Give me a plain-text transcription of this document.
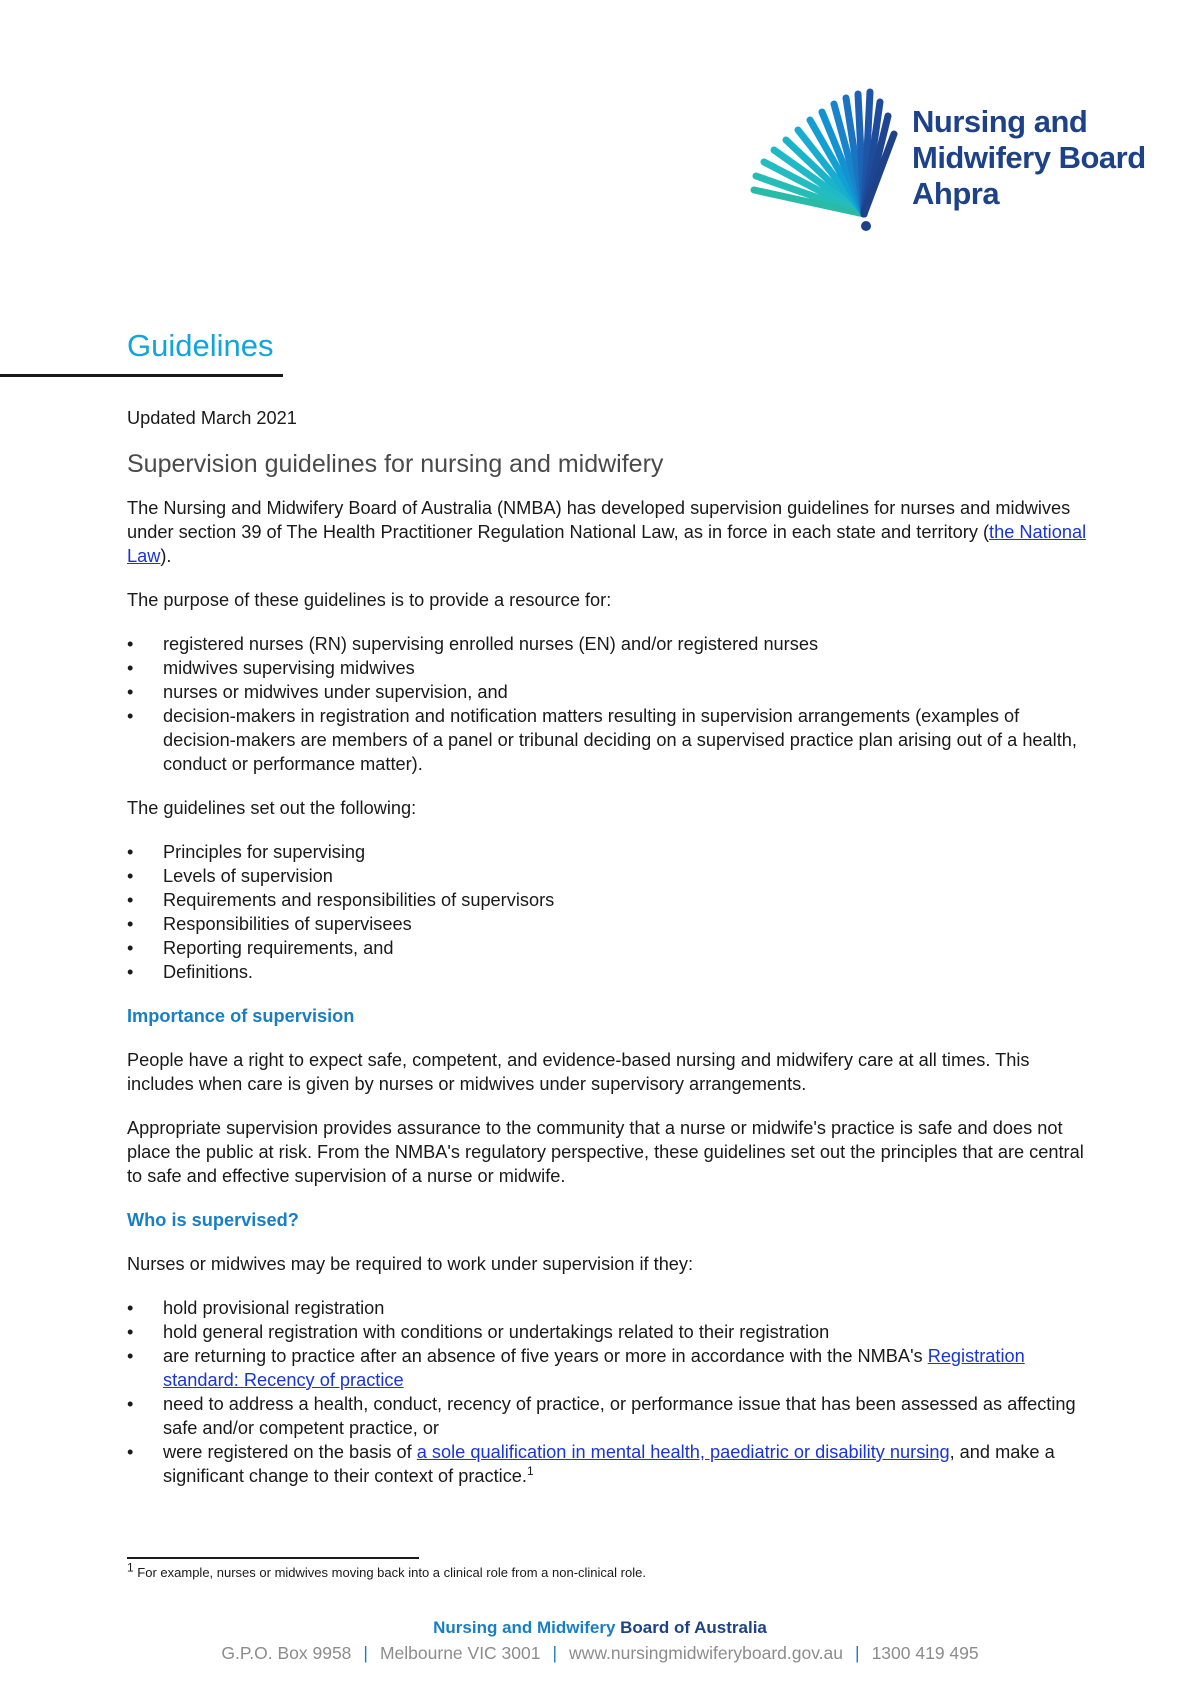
Nursing and
Midwifery Board
Ahpra
Guidelines

Updated March 2021

Supervision guidelines for nursing and midwifery

The Nursing and Midwifery Board of Australia (NMBA) has developed supervision guidelines for nurses and midwives under section 39 of The Health Practitioner Regulation National Law, as in force in each state and territory (the National Law).

The purpose of these guidelines is to provide a resource for:

• registered nurses (RN) supervising enrolled nurses (EN) and/or registered nurses
• midwives supervising midwives
• nurses or midwives under supervision, and
• decision-makers in registration and notification matters resulting in supervision arrangements (examples of decision-makers are members of a panel or tribunal deciding on a supervised practice plan arising out of a health, conduct or performance matter).

The guidelines set out the following:

• Principles for supervising
• Levels of supervision
• Requirements and responsibilities of supervisors
• Responsibilities of supervisees
• Reporting requirements, and
• Definitions.

Importance of supervision

People have a right to expect safe, competent, and evidence-based nursing and midwifery care at all times. This includes when care is given by nurses or midwives under supervisory arrangements.

Appropriate supervision provides assurance to the community that a nurse or midwife's practice is safe and does not place the public at risk. From the NMBA's regulatory perspective, these guidelines set out the principles that are central to safe and effective supervision of a nurse or midwife.

Who is supervised?

Nurses or midwives may be required to work under supervision if they:

• hold provisional registration
• hold general registration with conditions or undertakings related to their registration
• are returning to practice after an absence of five years or more in accordance with the NMBA's Registration standard: Recency of practice
• need to address a health, conduct, recency of practice, or performance issue that has been assessed as affecting safe and/or competent practice, or
• were registered on the basis of a sole qualification in mental health, paediatric or disability nursing, and make a significant change to their context of practice.$^1$
$^1$ For example, nurses or midwives moving back into a clinical role from a non-clinical role.
Nursing and Midwifery Board of Australia
G.P.O. Box 9958 | Melbourne VIC 3001 | www.nursingmidwiferyboard.gov.au | 1300 419 495
